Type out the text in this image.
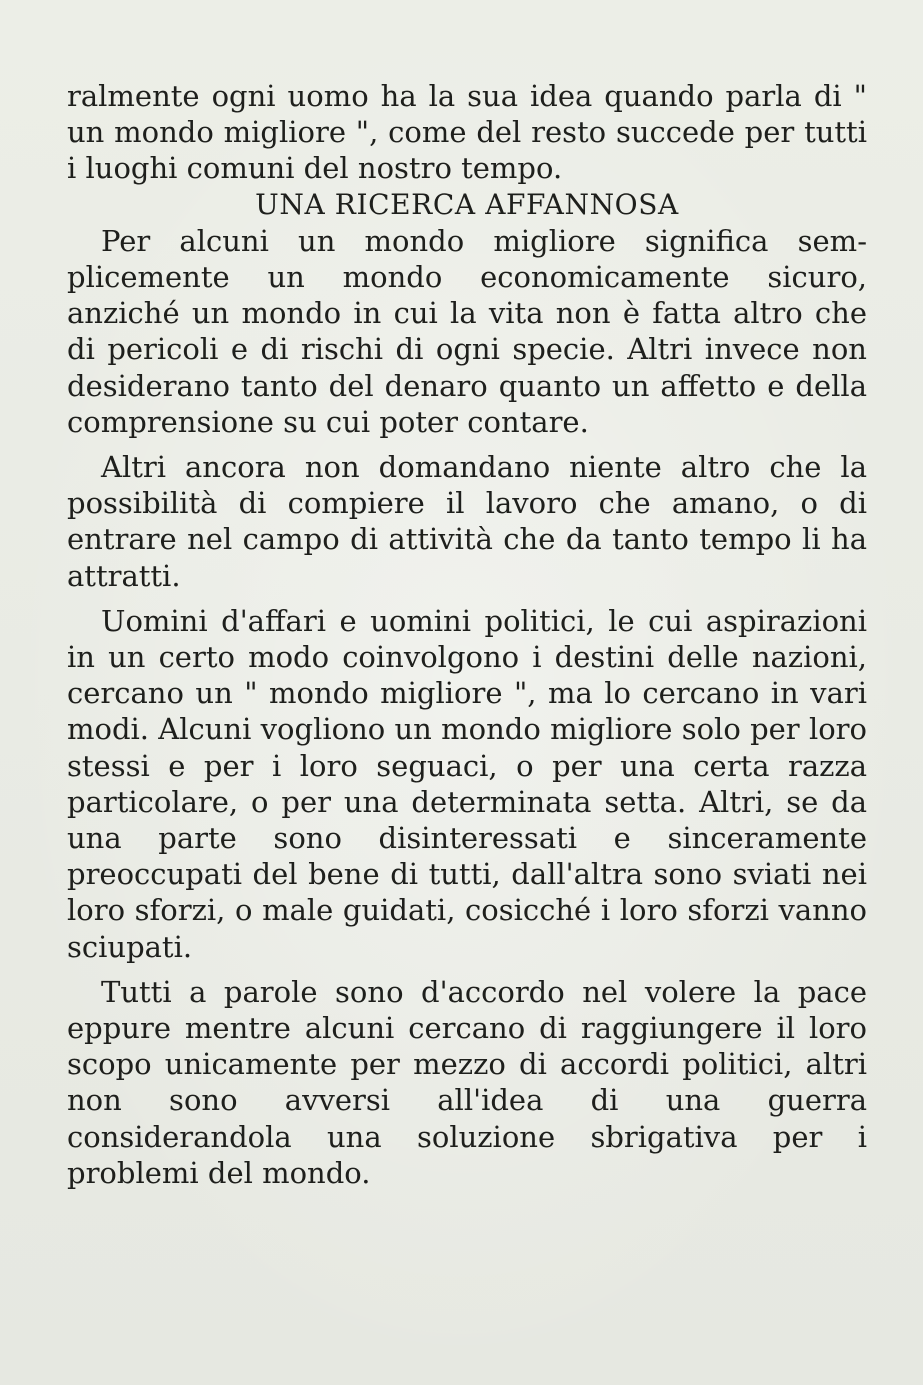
ralmente ogni uomo ha la sua idea quando parla di " un mondo migliore ", come del resto succede per tutti i luoghi comuni del nostro tempo.

UNA RICERCA AFFANNOSA

Per alcuni un mondo migliore significa semplicemente un mondo economicamente sicuro, anziché un mondo in cui la vita non è fatta altro che di pericoli e di rischi di ogni specie. Altri invece non desiderano tanto del denaro quanto un affetto e della comprensione su cui poter contare.

Altri ancora non domandano niente altro che la possibilità di compiere il lavoro che amano, o di entrare nel campo di attività che da tanto tempo li ha attratti.

Uomini d'affari e uomini politici, le cui aspirazioni in un certo modo coinvolgono i destini delle nazioni, cercano un " mondo migliore ", ma lo cercano in vari modi. Alcuni vogliono un mondo migliore solo per loro stessi e per i loro seguaci, o per una certa razza particolare, o per una determinata setta. Altri, se da una parte sono disinteressati e sinceramente preoccupati del bene di tutti, dall'altra sono sviati nei loro sforzi, o male guidati, cosicché i loro sforzi vanno sciupati.

Tutti a parole sono d'accordo nel volere la pace eppure mentre alcuni cercano di raggiungere il loro scopo unicamente per mezzo di accordi politici, altri non sono avversi all'idea di una guerra considerandola una soluzione sbrigativa per i problemi del mondo.
